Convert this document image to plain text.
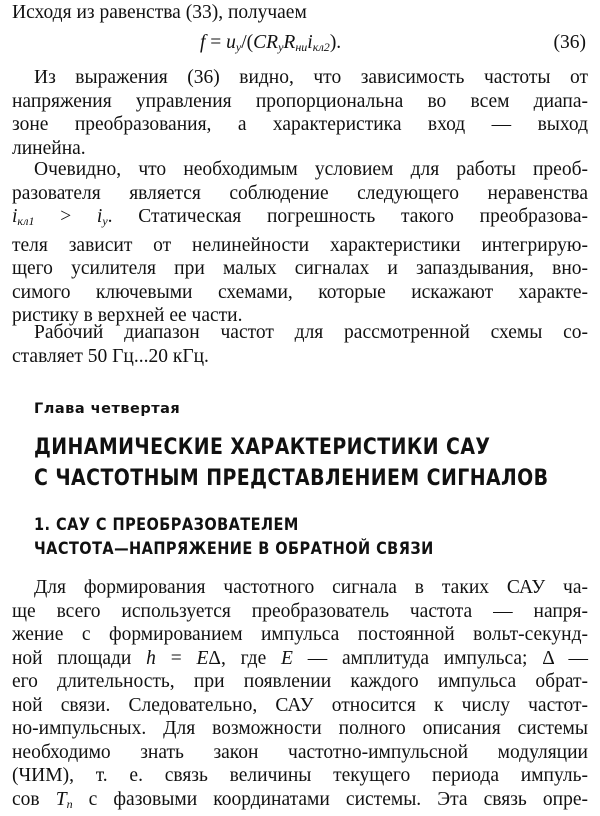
Исходя из равенства (33), получаем
$f = u_у/(CR_уR_{ни}i_{кл2})$.	(36)
Из выражения (36) видно, что зависимость частоты от
напряжения управления пропорциональна во всем диапа-
зоне преобразования, а характеристика вход — выход
линейна.
Очевидно, что необходимым условием для работы преоб-
разователя является соблюдение следующего неравенства
$i_{кл1} > i_у$. Статическая погрешность такого преобразова-
теля зависит от нелинейности характеристики интегрирую-
щего усилителя при малых сигналах и запаздывания, вно-
симого ключевыми схемами, которые искажают характе-
ристику в верхней ее части.
Рабочий диапазон частот для рассмотренной схемы со-
ставляет 50 Гц...20 кГц.
Глава четвертая
ДИНАМИЧЕСКИЕ ХАРАКТЕРИСТИКИ САУ
С ЧАСТОТНЫМ ПРЕДСТАВЛЕНИЕМ СИГНАЛОВ
1. САУ С ПРЕОБРАЗОВАТЕЛЕМ
ЧАСТОТА—НАПРЯЖЕНИЕ В ОБРАТНОЙ СВЯЗИ
Для формирования частотного сигнала в таких САУ ча-
ще всего используется преобразователь частота — напря-
жение с формированием импульса постоянной вольт-секунд-
ной площади h = EΔ, где E — амплитуда импульса; Δ —
его длительность, при появлении каждого импульса обрат-
ной связи. Следовательно, САУ относится к числу частот-
но-импульсных. Для возможности полного описания системы
необходимо знать закон частотно-импульсной модуляции
(ЧИМ), т. е. связь величины текущего периода импуль-
сов $T_n$ с фазовыми координатами системы. Эта связь опре-
